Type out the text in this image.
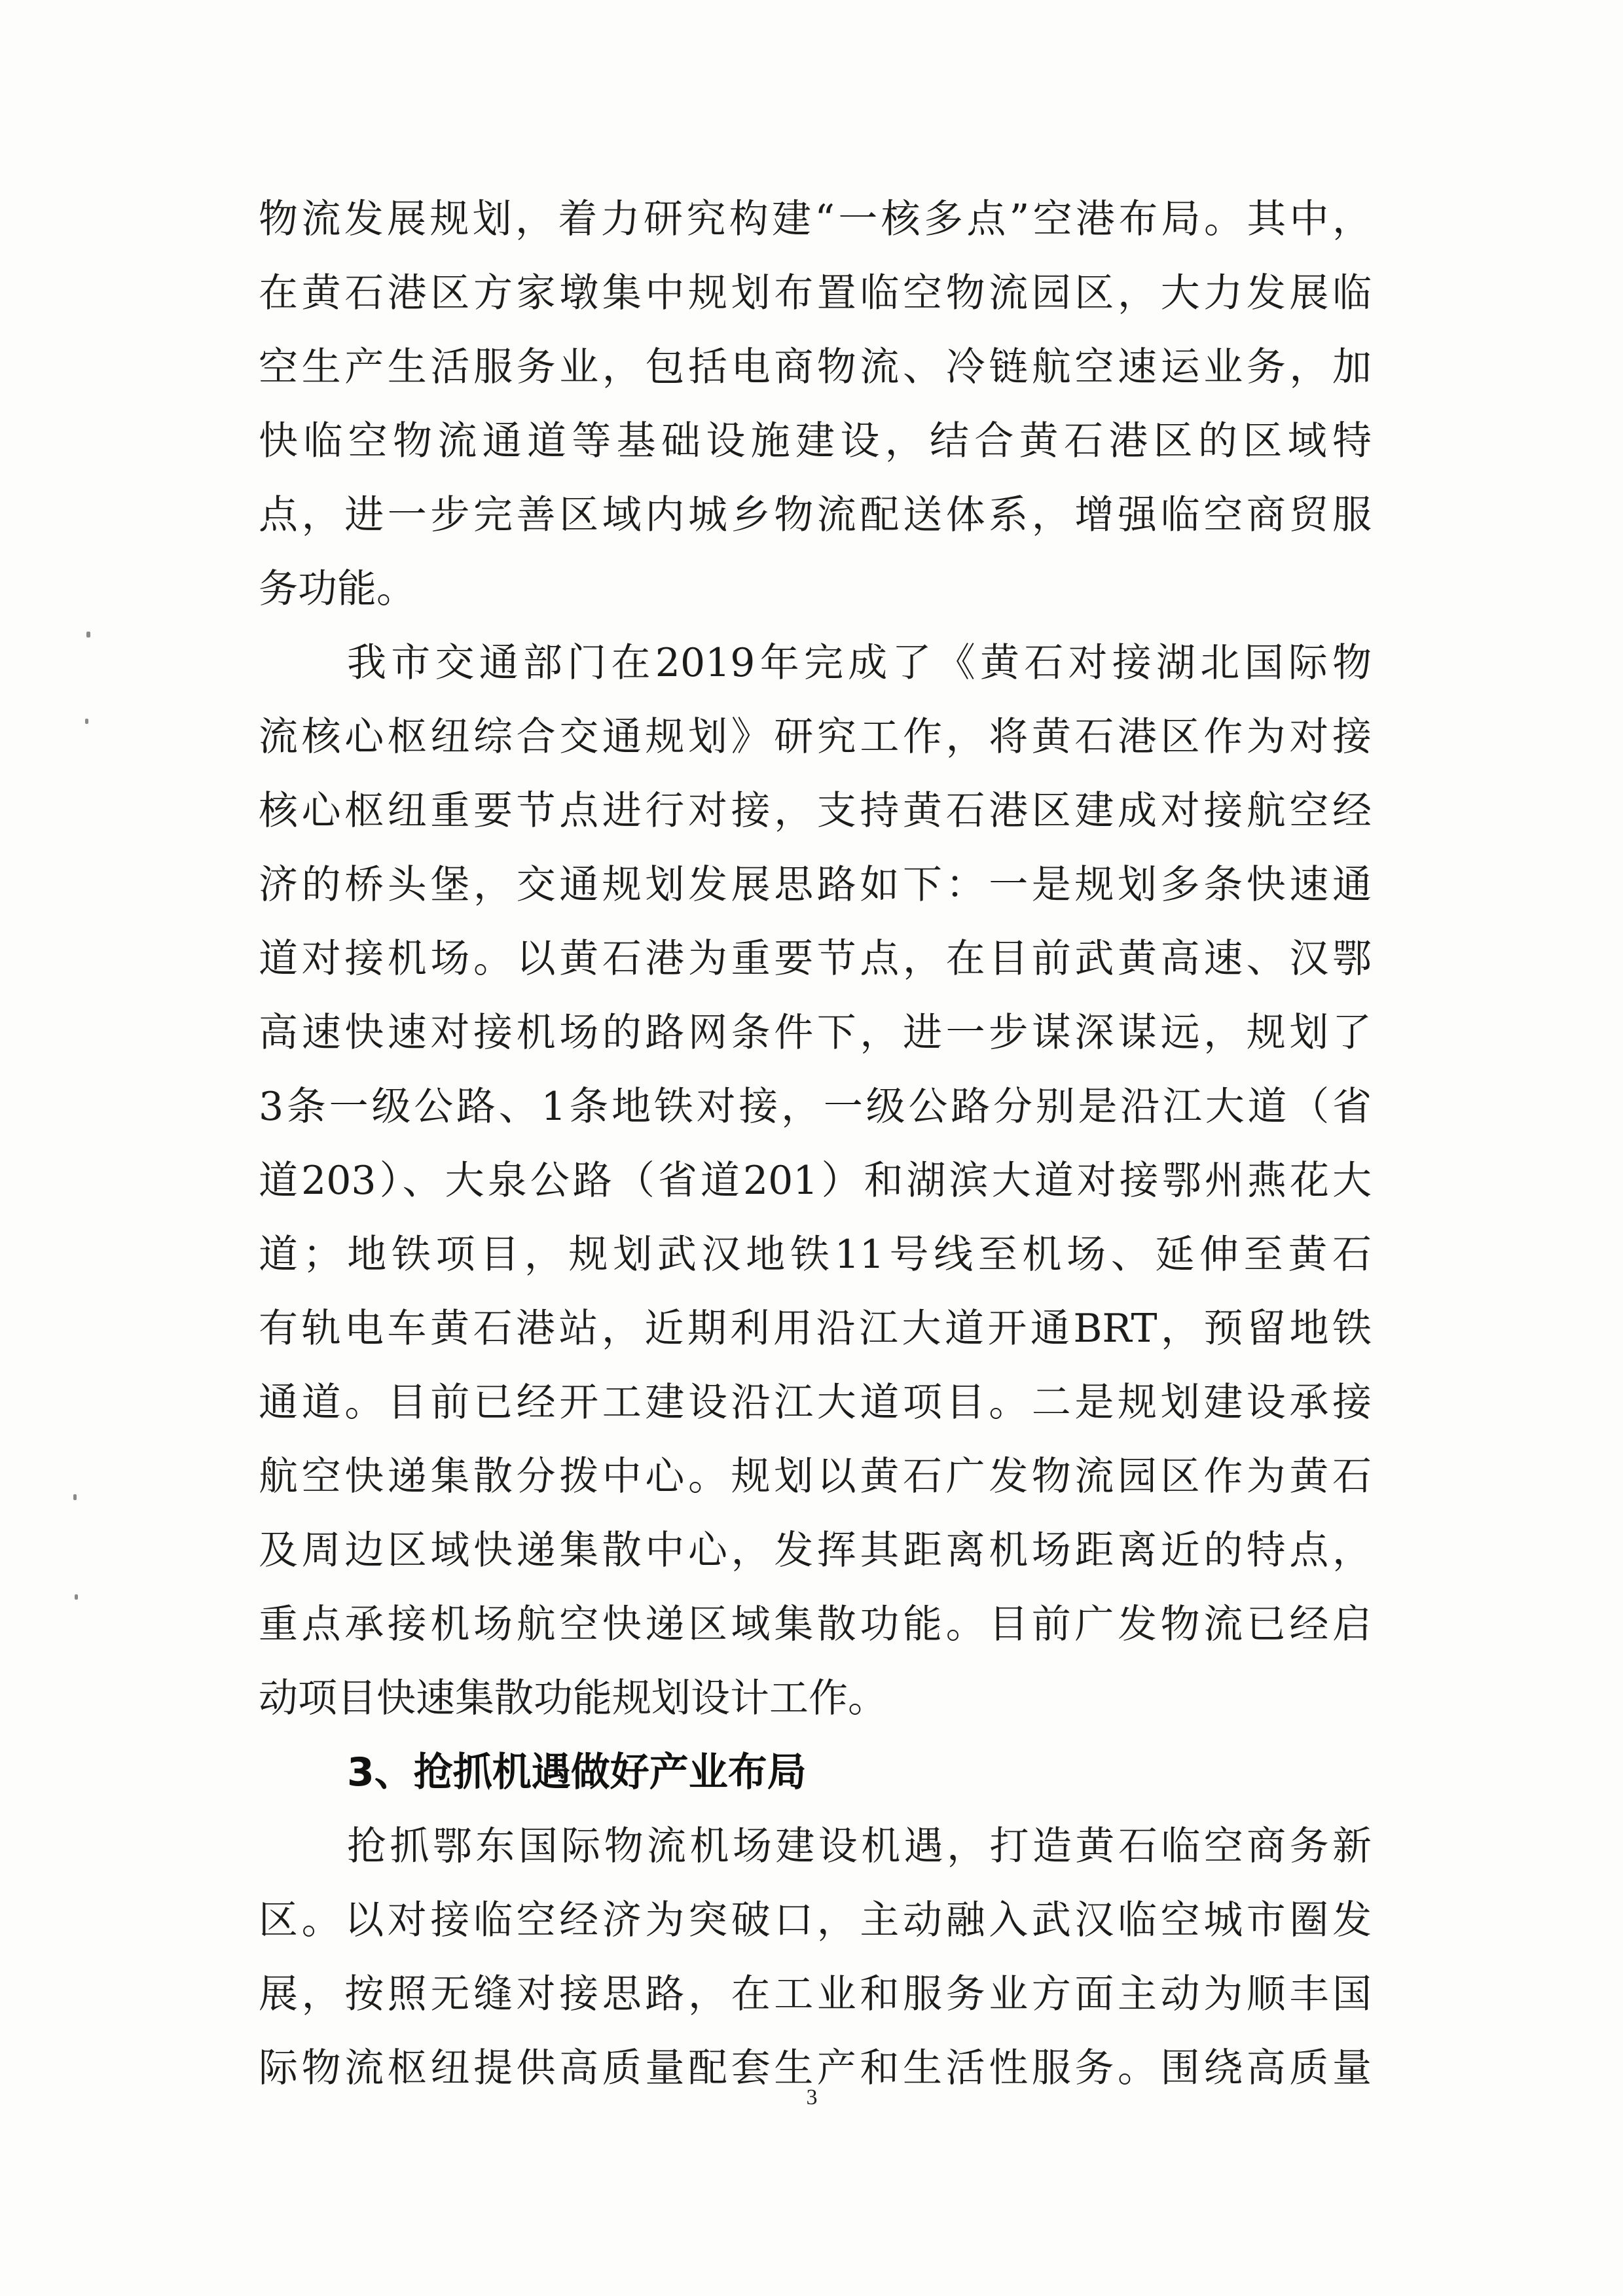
物流发展规划，着力研究构建“一核多点”空港布局。其中，
在黄石港区方家墩集中规划布置临空物流园区，大力发展临
空生产生活服务业，包括电商物流、冷链航空速运业务，加
快临空物流通道等基础设施建设，结合黄石港区的区域特
点，进一步完善区域内城乡物流配送体系，增强临空商贸服
务功能。
我市交通部门在2019年完成了《黄石对接湖北国际物
流核心枢纽综合交通规划》研究工作，将黄石港区作为对接
核心枢纽重要节点进行对接，支持黄石港区建成对接航空经
济的桥头堡，交通规划发展思路如下：一是规划多条快速通
道对接机场。以黄石港为重要节点，在目前武黄高速、汉鄂
高速快速对接机场的路网条件下，进一步谋深谋远，规划了
3条一级公路、1条地铁对接，一级公路分别是沿江大道（省
道203）、大泉公路（省道201）和湖滨大道对接鄂州燕花大
道；地铁项目，规划武汉地铁11号线至机场、延伸至黄石
有轨电车黄石港站，近期利用沿江大道开通BRT，预留地铁
通道。目前已经开工建设沿江大道项目。二是规划建设承接
航空快递集散分拨中心。规划以黄石广发物流园区作为黄石
及周边区域快递集散中心，发挥其距离机场距离近的特点，
重点承接机场航空快递区域集散功能。目前广发物流已经启
动项目快速集散功能规划设计工作。
3、抢抓机遇做好产业布局
抢抓鄂东国际物流机场建设机遇，打造黄石临空商务新
区。以对接临空经济为突破口，主动融入武汉临空城市圈发
展，按照无缝对接思路，在工业和服务业方面主动为顺丰国
际物流枢纽提供高质量配套生产和生活性服务。围绕高质量
3
